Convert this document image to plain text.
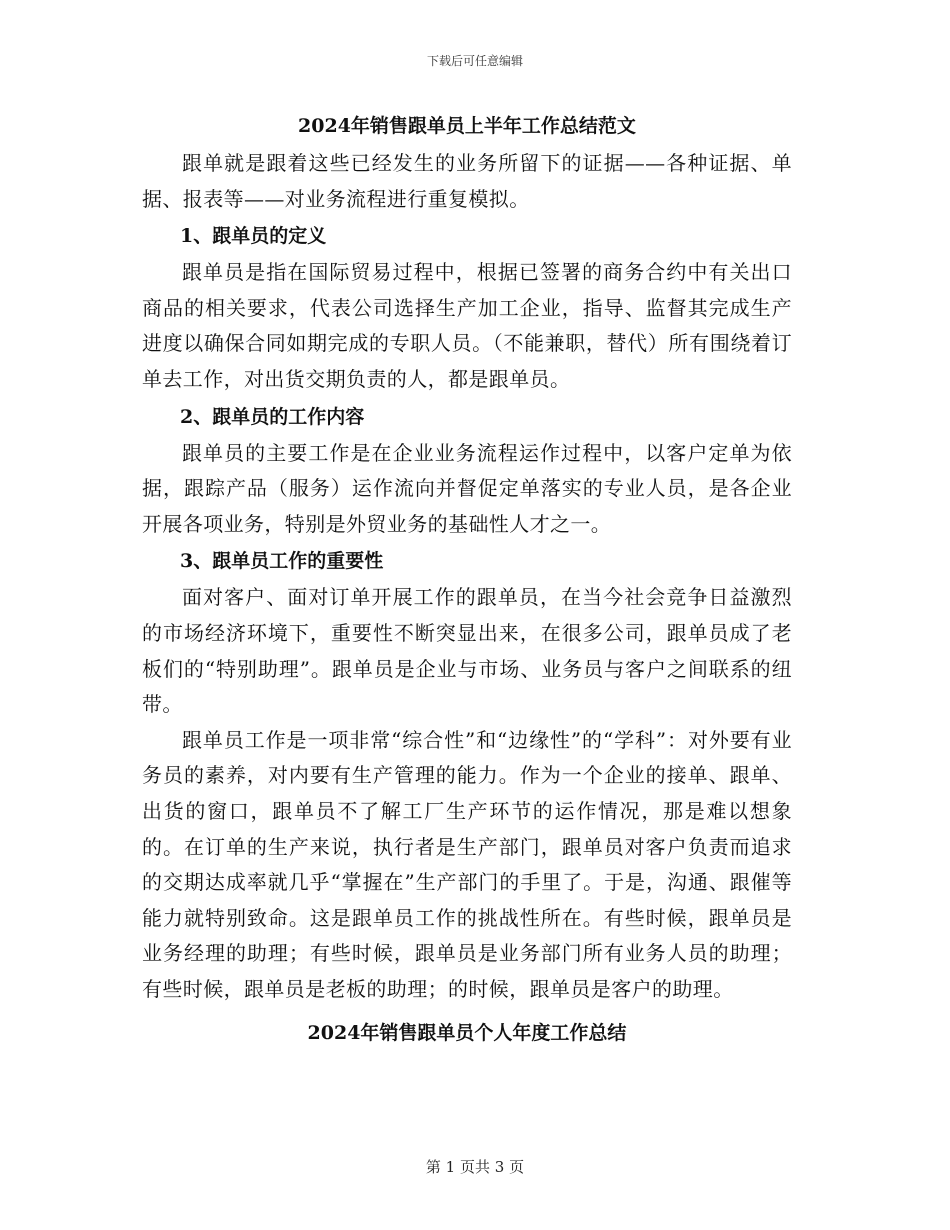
下载后可任意编辑
2024年销售跟单员上半年工作总结范文

跟单就是跟着这些已经发生的业务所留下的证据——各种证据、单据、报表等——对业务流程进行重复模拟。

1、跟单员的定义

跟单员是指在国际贸易过程中，根据已签署的商务合约中有关出口商品的相关要求，代表公司选择生产加工企业，指导、监督其完成生产进度以确保合同如期完成的专职人员。（不能兼职，替代）所有围绕着订单去工作，对出货交期负责的人，都是跟单员。

2、跟单员的工作内容

跟单员的主要工作是在企业业务流程运作过程中，以客户定单为依据，跟踪产品（服务）运作流向并督促定单落实的专业人员，是各企业开展各项业务，特别是外贸业务的基础性人才之一。

3、跟单员工作的重要性

面对客户、面对订单开展工作的跟单员，在当今社会竞争日益激烈的市场经济环境下，重要性不断突显出来，在很多公司，跟单员成了老板们的“特别助理”。跟单员是企业与市场、业务员与客户之间联系的纽带。

跟单员工作是一项非常“综合性”和“边缘性”的“学科”：对外要有业务员的素养，对内要有生产管理的能力。作为一个企业的接单、跟单、出货的窗口，跟单员不了解工厂生产环节的运作情况，那是难以想象的。在订单的生产来说，执行者是生产部门，跟单员对客户负责而追求的交期达成率就几乎“掌握在”生产部门的手里了。于是，沟通、跟催等能力就特别致命。这是跟单员工作的挑战性所在。有些时候，跟单员是业务经理的助理；有些时候，跟单员是业务部门所有业务人员的助理；有些时候，跟单员是老板的助理；的时候，跟单员是客户的助理。

2024年销售跟单员个人年度工作总结
第 1 页共 3 页
